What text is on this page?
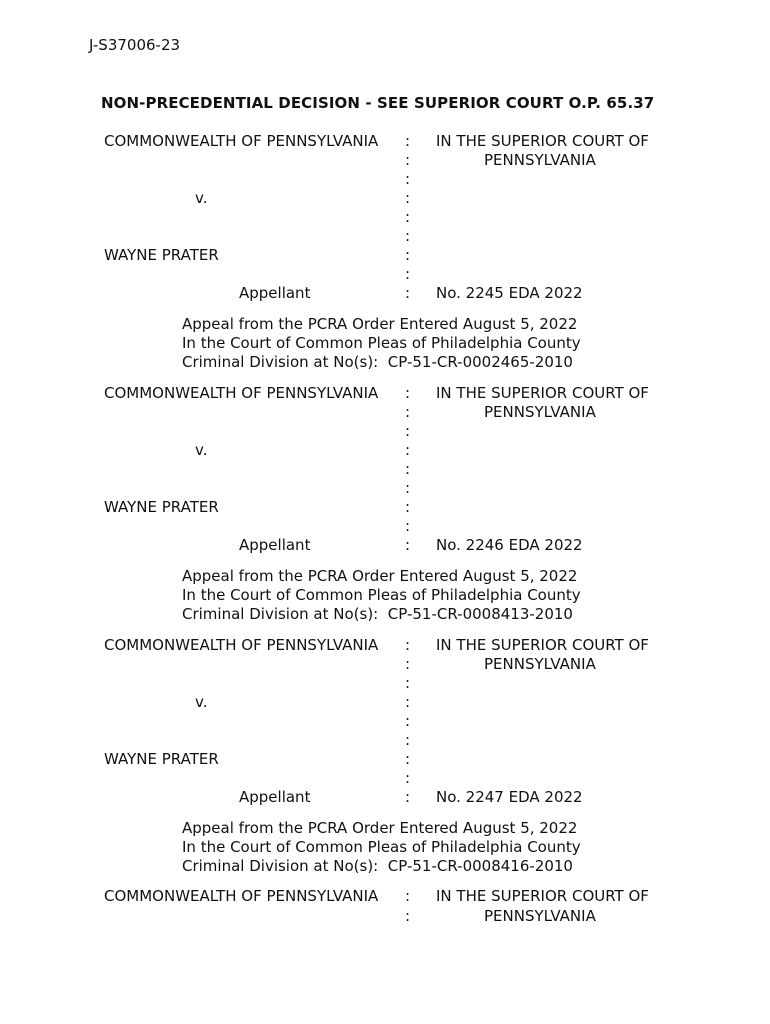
J-S37006-23
NON-PRECEDENTIAL DECISION - SEE SUPERIOR COURT O.P. 65.37
COMMONWEALTH OF PENNSYLVANIA : IN THE SUPERIOR COURT OF
:	PENNSYLVANIA
:
v.	:
:
:
WAYNE PRATER	:
:
Appellant	: No. 2245 EDA 2022
Appeal from the PCRA Order Entered August 5, 2022
In the Court of Common Pleas of Philadelphia County
Criminal Division at No(s):  CP-51-CR-0002465-2010
COMMONWEALTH OF PENNSYLVANIA : IN THE SUPERIOR COURT OF
:	PENNSYLVANIA
:
v.	:
:
:
WAYNE PRATER	:
:
Appellant	: No. 2246 EDA 2022
Appeal from the PCRA Order Entered August 5, 2022
In the Court of Common Pleas of Philadelphia County
Criminal Division at No(s):  CP-51-CR-0008413-2010
COMMONWEALTH OF PENNSYLVANIA : IN THE SUPERIOR COURT OF
:	PENNSYLVANIA
:
v.	:
:
:
WAYNE PRATER	:
:
Appellant	: No. 2247 EDA 2022
Appeal from the PCRA Order Entered August 5, 2022
In the Court of Common Pleas of Philadelphia County
Criminal Division at No(s):  CP-51-CR-0008416-2010
COMMONWEALTH OF PENNSYLVANIA : IN THE SUPERIOR COURT OF
:	PENNSYLVANIA
